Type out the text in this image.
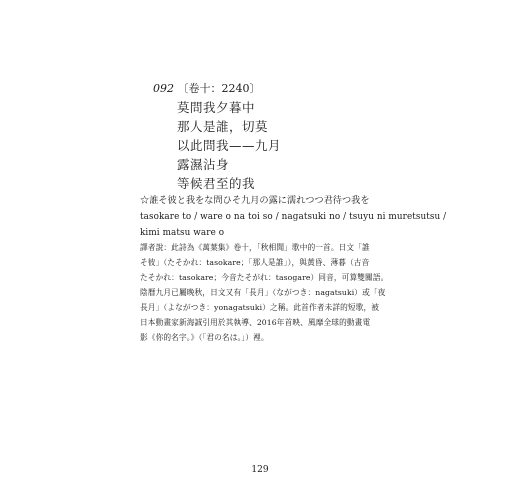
092 〔卷十：2240〕
莫問我夕暮中
那人是誰，切莫
以此問我——九月
露濕沾身
等候君至的我
☆誰そ彼と我をな問ひそ九月の露に濡れつつ君待つ我を
tasokare to / ware o na toi so / nagatsuki no / tsuyu ni muretsutsu /
kimi matsu ware o
譯者說：此詩為《萬葉集》卷十，「秋相聞」歌中的一首。日文「誰
そ彼」（たそかれ：tasokare；「那人是誰」），與黃昏、薄暮（古音
たそかれ：tasokare；今音たそがれ：tasogare）同音，可算雙關語。
陰曆九月已屬晚秋，日文又有「長月」（ながつき：nagatsuki）或「夜
長月」（よながつき：yonagatsuki）之稱。此首作者未詳的短歌，被
日本動畫家新海誠引用於其執導、2016年首映、風靡全球的動畫電
影《你的名字。》（「君の名は。」）裡。
129
